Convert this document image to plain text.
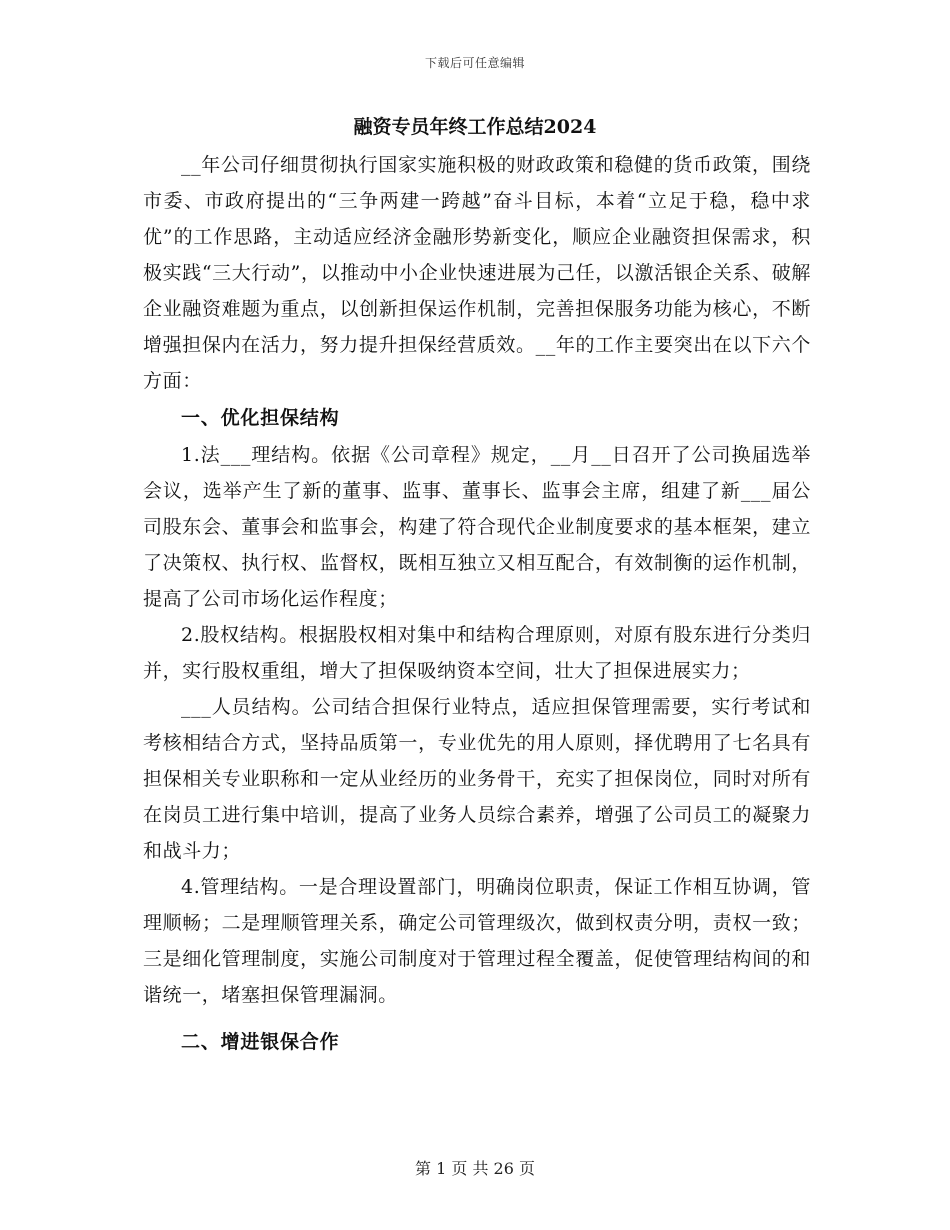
下载后可任意编辑
融资专员年终工作总结2024

__年公司仔细贯彻执行国家实施积极的财政政策和稳健的货币政策，围绕市委、市政府提出的“三争两建一跨越”奋斗目标，本着“立足于稳，稳中求优”的工作思路，主动适应经济金融形势新变化，顺应企业融资担保需求，积极实践“三大行动”，以推动中小企业快速进展为己任，以激活银企关系、破解企业融资难题为重点，以创新担保运作机制，完善担保服务功能为核心，不断增强担保内在活力，努力提升担保经营质效。__年的工作主要突出在以下六个方面：

一、优化担保结构

1.法___理结构。依据《公司章程》规定，__月__日召开了公司换届选举会议，选举产生了新的董事、监事、董事长、监事会主席，组建了新___届公司股东会、董事会和监事会，构建了符合现代企业制度要求的基本框架，建立了决策权、执行权、监督权，既相互独立又相互配合，有效制衡的运作机制，提高了公司市场化运作程度；

2.股权结构。根据股权相对集中和结构合理原则，对原有股东进行分类归并，实行股权重组，增大了担保吸纳资本空间，壮大了担保进展实力；

___人员结构。公司结合担保行业特点，适应担保管理需要，实行考试和考核相结合方式，坚持品质第一，专业优先的用人原则，择优聘用了七名具有担保相关专业职称和一定从业经历的业务骨干，充实了担保岗位，同时对所有在岗员工进行集中培训，提高了业务人员综合素养，增强了公司员工的凝聚力和战斗力；

4.管理结构。一是合理设置部门，明确岗位职责，保证工作相互协调，管理顺畅；二是理顺管理关系，确定公司管理级次，做到权责分明，责权一致；三是细化管理制度，实施公司制度对于管理过程全覆盖，促使管理结构间的和谐统一，堵塞担保管理漏洞。

二、增进银保合作

第 1 页 共 26 页
